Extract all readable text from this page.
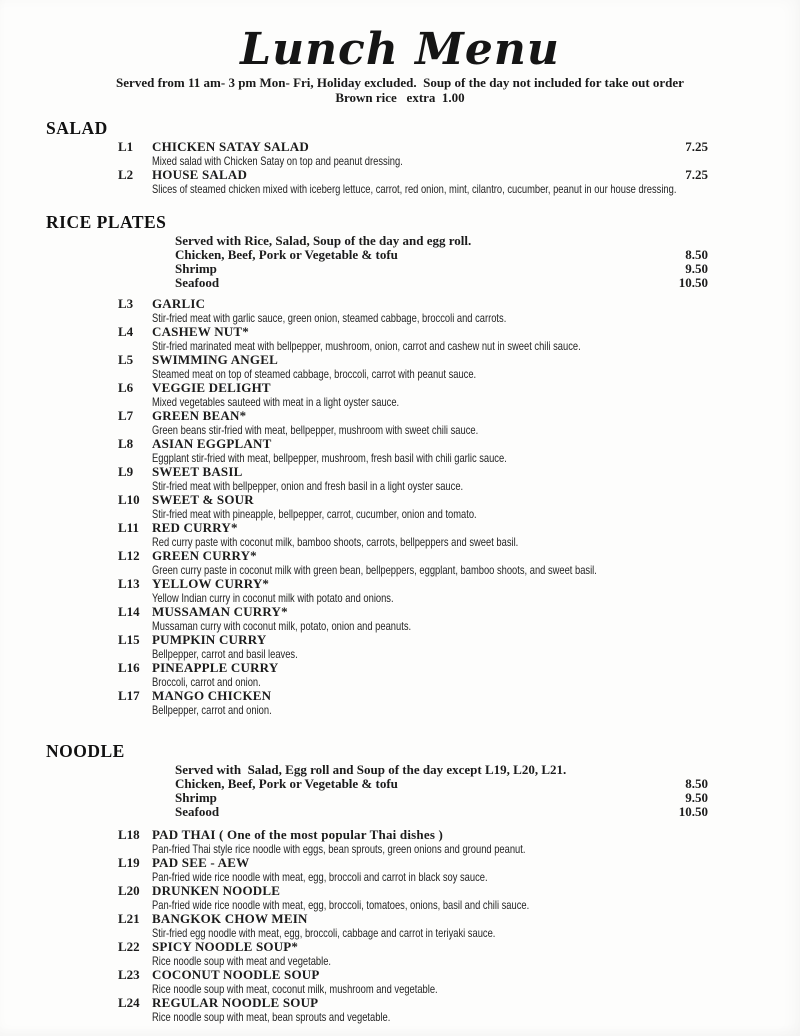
Lunch Menu

Served from 11 am- 3 pm Mon- Fri, Holiday excluded.  Soup of the day not included for take out order

Brown rice   extra  1.00

SALAD
L1	CHICKEN SATAY SALAD	7.25
Mixed salad with Chicken Satay on top and peanut dressing.
L2	HOUSE SALAD	7.25
Slices of steamed chicken mixed with iceberg lettuce, carrot, red onion, mint, cilantro, cucumber, peanut in our house dressing.
RICE PLATES

Served with Rice, Salad, Soup of the day and egg roll.

Chicken, Beef, Pork or Vegetable & tofu	8.50
Shrimp	9.50
Seafood	10.50
L3	GARLIC
Stir-fried meat with garlic sauce, green onion, steamed cabbage, broccoli and carrots.
L4	CASHEW NUT*
Stir-fried marinated meat with bellpepper, mushroom, onion, carrot and cashew nut in sweet chili sauce.
L5	SWIMMING ANGEL
Steamed meat on top of steamed cabbage, broccoli, carrot with peanut sauce.
L6	VEGGIE DELIGHT
Mixed vegetables sauteed with meat in a light oyster sauce.
L7	GREEN BEAN*
Green beans stir-fried with meat, bellpepper, mushroom with sweet chili sauce.
L8	ASIAN EGGPLANT
Eggplant stir-fried with meat, bellpepper, mushroom, fresh basil with chili garlic sauce.
L9	SWEET BASIL
Stir-fried meat with bellpepper, onion and fresh basil in a light oyster sauce.
L10 SWEET & SOUR
Stir-fried meat with pineapple, bellpepper, carrot, cucumber, onion and tomato.
L11	RED CURRY*
Red curry paste with coconut milk, bamboo shoots, carrots, bellpeppers and sweet basil.
L12 GREEN CURRY*
Green curry paste in coconut milk with green bean, bellpeppers, eggplant, bamboo shoots, and sweet basil.
L13 YELLOW CURRY*
Yellow Indian curry in coconut milk with potato and onions.
L14 MUSSAMAN CURRY*
Mussaman curry with coconut milk, potato, onion and peanuts.
L15 PUMPKIN CURRY
Bellpepper, carrot and basil leaves.
L16 PINEAPPLE CURRY
Broccoli, carrot and onion.
L17 MANGO CHICKEN
Bellpepper, carrot and onion.
NOODLE

Served with  Salad, Egg roll and Soup of the day except L19, L20, L21.

Chicken, Beef, Pork or Vegetable & tofu	8.50
Shrimp	9.50
Seafood	10.50
L18 PAD THAI ( One of the most popular Thai dishes )
Pan-fried Thai style rice noodle with eggs, bean sprouts, green onions and ground peanut.
L19 PAD SEE - AEW
Pan-fried wide rice noodle with meat, egg, broccoli and carrot in black soy sauce.
L20 DRUNKEN NOODLE
Pan-fried wide rice noodle with meat, egg, broccoli, tomatoes, onions, basil and chili sauce.
L21 BANGKOK CHOW MEIN
Stir-fried egg noodle with meat, egg, broccoli, cabbage and carrot in teriyaki sauce.
L22 SPICY NOODLE SOUP*
Rice noodle soup with meat and vegetable.
L23 COCONUT NOODLE SOUP
Rice noodle soup with meat, coconut milk, mushroom and vegetable.
L24 REGULAR NOODLE SOUP
Rice noodle soup with meat, bean sprouts and vegetable.
